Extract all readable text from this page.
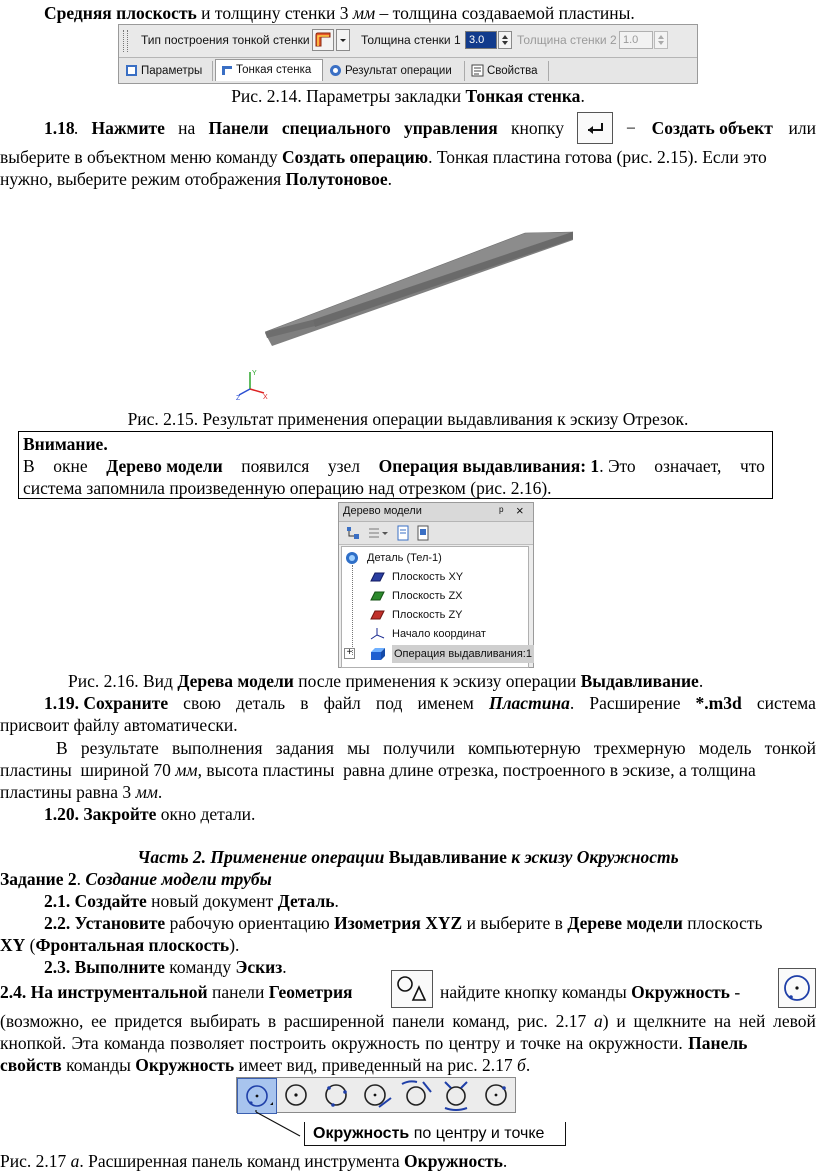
Средняя плоскость и толщину стенки 3 мм – толщина создаваемой пластины.
Тип построения тонкой стенки	Толщина стенки 1 3.0	Толщина стенки 2 1.0
Параметры	Тонкая стенка	Результат операции	Свойства
Рис. 2.14. Параметры закладки Тонкая стенка.
1.18 . Нажмите на Панели специального управления кнопку	− Создать объект или
выберите в объектном меню команду Создать операцию. Тонкая пластина готова (рис. 2.15). Если это
нужно, выберите режим отображения Полутоновое.
Y
X
Z
Рис. 2.15. Результат применения операции выдавливания к эскизу Отрезок.
Внимание.
В окне Дерево модели появился узел Операция выдавливания: 1. Это означает, что
система запомнила произведенную операцию над отрезком (рис. 2.16).
Дерево модели	ᵖ ×
Деталь (Тел-1)
Плоскость XY
Плоскость ZX
Плоскость ZY
Начало координат
+	Операция выдавливания:1
Рис. 2.16. Вид Дерева модели после применения к эскизу операции Выдавливание.
1.19. Сохраните свою деталь в файл под именем Пластина. Расширение *.m3d система
присвоит файлу автоматически.
В результате выполнения задания мы получили компьютерную трехмерную модель тонкой
пластины  шириной 70 мм, высота пластины  равна длине отрезка, построенного в эскизе, а толщина
пластины равна 3 мм.
1.20. Закройте окно детали.
Часть 2. Применение операции Выдавливание к эскизу Окружность
Задание 2. Создание модели трубы
2.1. Создайте новый документ Деталь.
2.2. Установите рабочую ориентацию Изометрия XYZ и выберите в Дереве модели плоскость
XY (Фронтальная плоскость).
2.3. Выполните команду Эскиз.
2.4. На инструментальной панели Геометрия	найдите кнопку команды Окружность -
(возможно, ее придется выбирать в расширенной панели команд, рис. 2.17 а) и щелкните на ней левой
кнопкой. Эта команда позволяет построить окружность по центру и точке на окружности. Панель
свойств команды Окружность имеет вид, приведенный на рис. 2.17 б.
Окружность по центру и точке
Рис. 2.17 а. Расширенная панель команд инструмента Окружность.
